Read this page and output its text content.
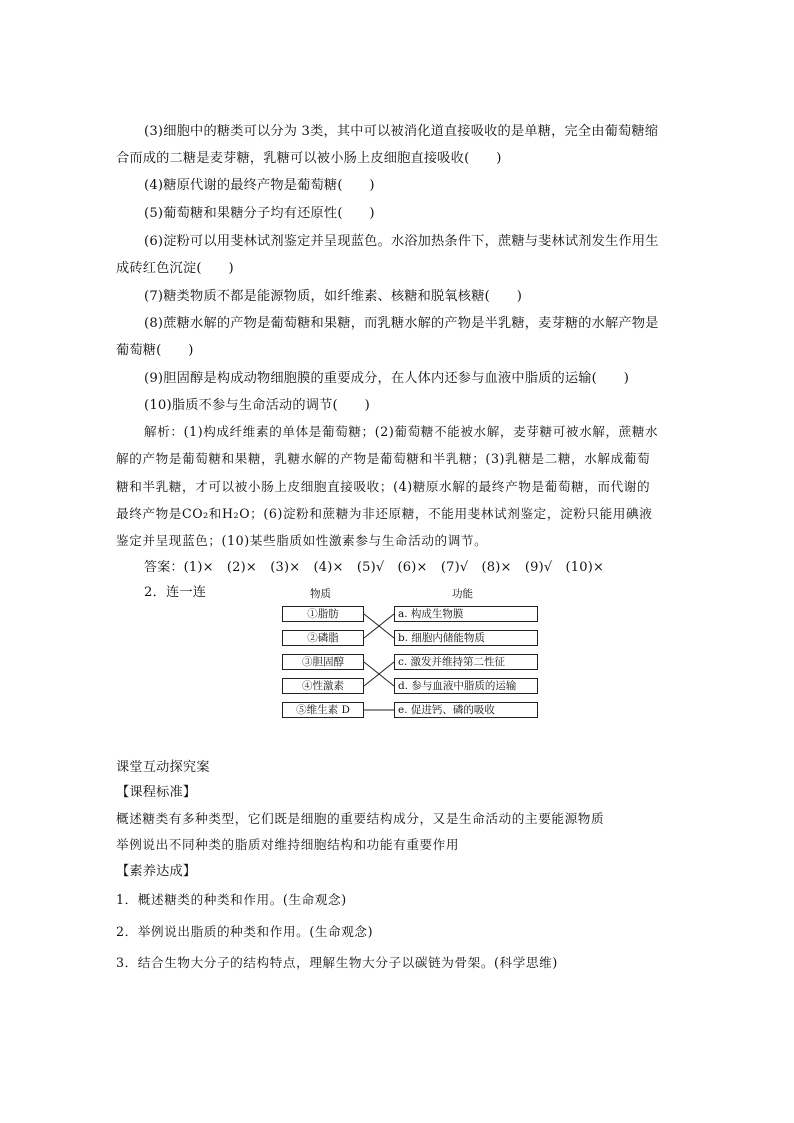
(3)细胞中的糖类可以分为 3类，其中可以被消化道直接吸收的是单糖，完全由葡萄糖缩
合而成的二糖是麦芽糖，乳糖可以被小肠上皮细胞直接吸收(　　)
(4)糖原代谢的最终产物是葡萄糖(　　)
(5)葡萄糖和果糖分子均有还原性(　　)
(6)淀粉可以用斐林试剂鉴定并呈现蓝色。水浴加热条件下，蔗糖与斐林试剂发生作用生
成砖红色沉淀(　　)
(7)糖类物质不都是能源物质，如纤维素、核糖和脱氧核糖(　　)
(8)蔗糖水解的产物是葡萄糖和果糖，而乳糖水解的产物是半乳糖，麦芽糖的水解产物是
葡萄糖(　　)
(9)胆固醇是构成动物细胞膜的重要成分，在人体内还参与血液中脂质的运输(　　)
(10)脂质不参与生命活动的调节(　　)
解析：(1)构成纤维素的单体是葡萄糖；(2)葡萄糖不能被水解，麦芽糖可被水解，蔗糖水
解的产物是葡萄糖和果糖，乳糖水解的产物是葡萄糖和半乳糖；(3)乳糖是二糖，水解成葡萄
糖和半乳糖，才可以被小肠上皮细胞直接吸收；(4)糖原水解的最终产物是葡萄糖，而代谢的
最终产物是CO₂和H₂O；(6)淀粉和蔗糖为非还原糖，不能用斐林试剂鉴定，淀粉只能用碘液
鉴定并呈现蓝色；(10)某些脂质如性激素参与生命活动的调节。
答案：(1)×　(2)×　(3)×　(4)×　(5)√　(6)×　(7)√　(8)×　(9)√　(10)×
2．连一连	物质	功能
①脂肪
②磷脂
③胆固醇
④性激素
⑤维生素 D
a. 构成生物膜
b. 细胞内储能物质
c. 激发并维持第二性征
d. 参与血液中脂质的运输
e. 促进钙、磷的吸收
课堂互动探究案
【课程标准】
概述糖类有多种类型，它们既是细胞的重要结构成分，又是生命活动的主要能源物质
举例说出不同种类的脂质对维持细胞结构和功能有重要作用
【素养达成】
1．概述糖类的种类和作用。(生命观念)
2．举例说出脂质的种类和作用。(生命观念)
3．结合生物大分子的结构特点，理解生物大分子以碳链为骨架。(科学思维)
